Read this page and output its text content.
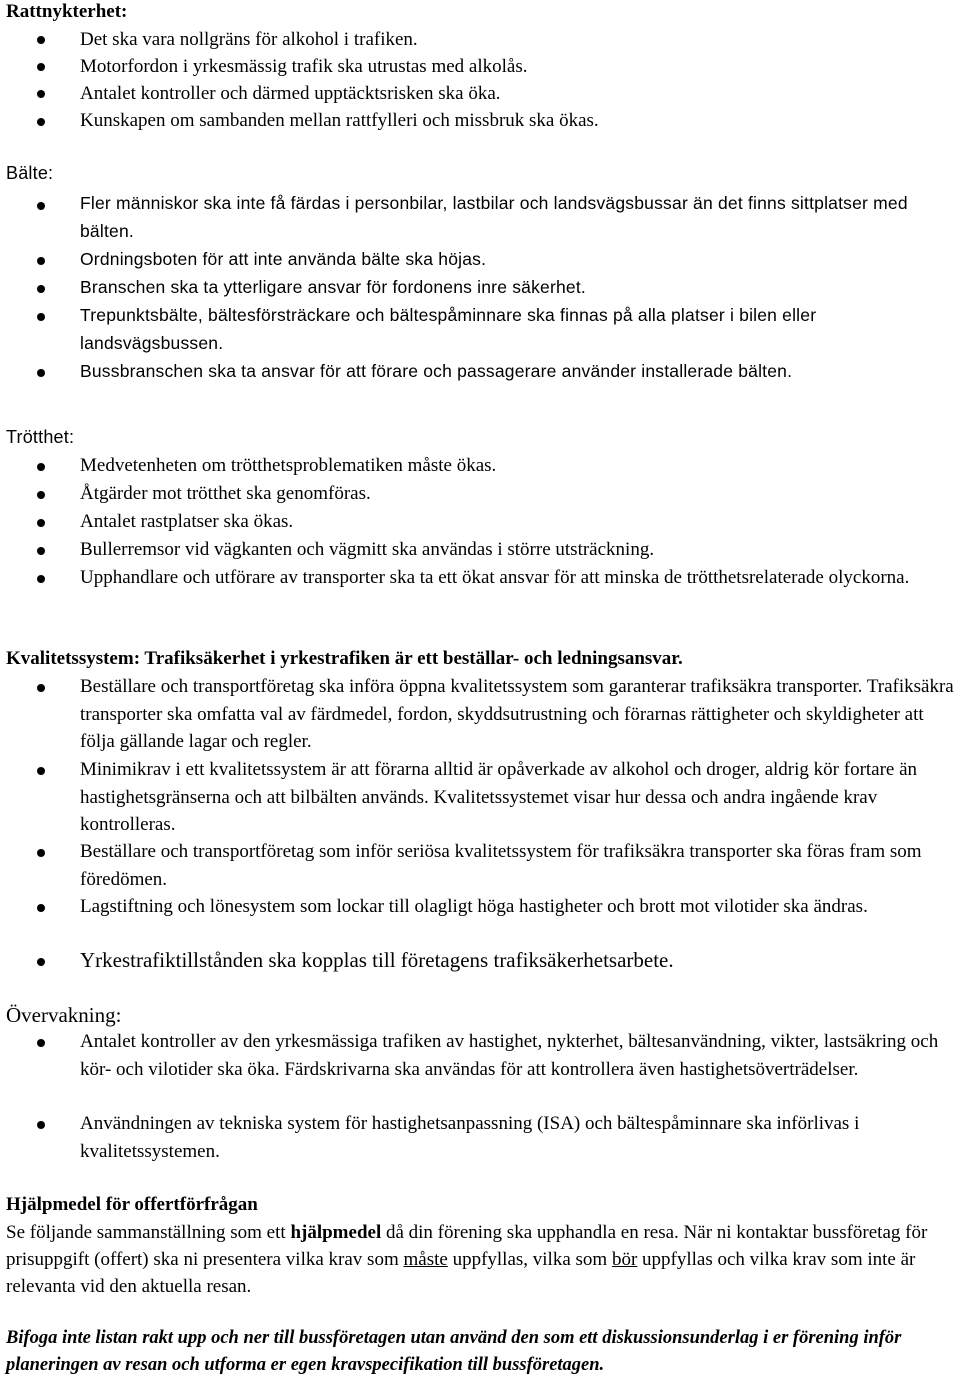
Rattnykterhet:
Det ska vara nollgräns för alkohol i trafiken.
Motorfordon i yrkesmässig trafik ska utrustas med alkolås.
Antalet kontroller och därmed upptäcktsrisken ska öka.
Kunskapen om sambanden mellan rattfylleri och missbruk ska ökas.
Bälte:
Fler människor ska inte få färdas i personbilar, lastbilar och landsvägsbussar än det finns sittplatser med bälten.
Ordningsboten för att inte använda bälte ska höjas.
Branschen ska ta ytterligare ansvar för fordonens inre säkerhet.
Trepunktsbälte, bältesförsträckare och bältespåminnare ska finnas på alla platser i bilen eller landsvägsbussen.
Bussbranschen ska ta ansvar för att förare och passagerare använder installerade bälten.
Trötthet:
Medvetenheten om trötthetsproblematiken måste ökas.
Åtgärder mot trötthet ska genomföras.
Antalet rastplatser ska ökas.
Bullerremsor vid vägkanten och vägmitt ska användas i större utsträckning.
Upphandlare och utförare av transporter ska ta ett ökat ansvar för att minska de trötthetsrelaterade olyckorna.
Kvalitetssystem: Trafiksäkerhet i yrkestrafiken är ett beställar- och ledningsansvar.
Beställare och transportföretag ska införa öppna kvalitetssystem som garanterar trafiksäkra transporter. Trafiksäkra transporter ska omfatta val av färdmedel, fordon, skyddsutrustning och förarnas rättigheter och skyldigheter att följa gällande lagar och regler.
Minimikrav i ett kvalitetssystem är att förarna alltid är opåverkade av alkohol och droger, aldrig kör fortare än hastighetsgränserna och att bilbälten används. Kvalitetssystemet visar hur dessa och andra ingående krav kontrolleras.
Beställare och transportföretag som inför seriösa kvalitetssystem för trafiksäkra transporter ska föras fram som föredömen.
Lagstiftning och lönesystem som lockar till olagligt höga hastigheter och brott mot vilotider ska ändras.
Yrkestrafiktillstånden ska kopplas till företagens trafiksäkerhetsarbete.
Övervakning:
Antalet kontroller av den yrkesmässiga trafiken av hastighet, nykterhet, bältesanvändning, vikter, lastsäkring och kör- och vilotider ska öka. Färdskrivarna ska användas för att kontrollera även hastighetsöverträdelser.
Användningen av tekniska system för hastighetsanpassning (ISA) och bältespåminnare ska införlivas i kvalitetssystemen.
Hjälpmedel för offertförfrågan
Se följande sammanställning som ett hjälpmedel då din förening ska upphandla en resa. När ni kontaktar bussföretag för prisuppgift (offert) ska ni presentera vilka krav som måste uppfyllas, vilka som bör uppfyllas och vilka krav som inte är relevanta vid den aktuella resan.
Bifoga inte listan rakt upp och ner till bussföretagen utan använd den som ett diskussionsunderlag i er förening inför planeringen av resan och utforma er egen kravspecifikation till bussföretagen.
